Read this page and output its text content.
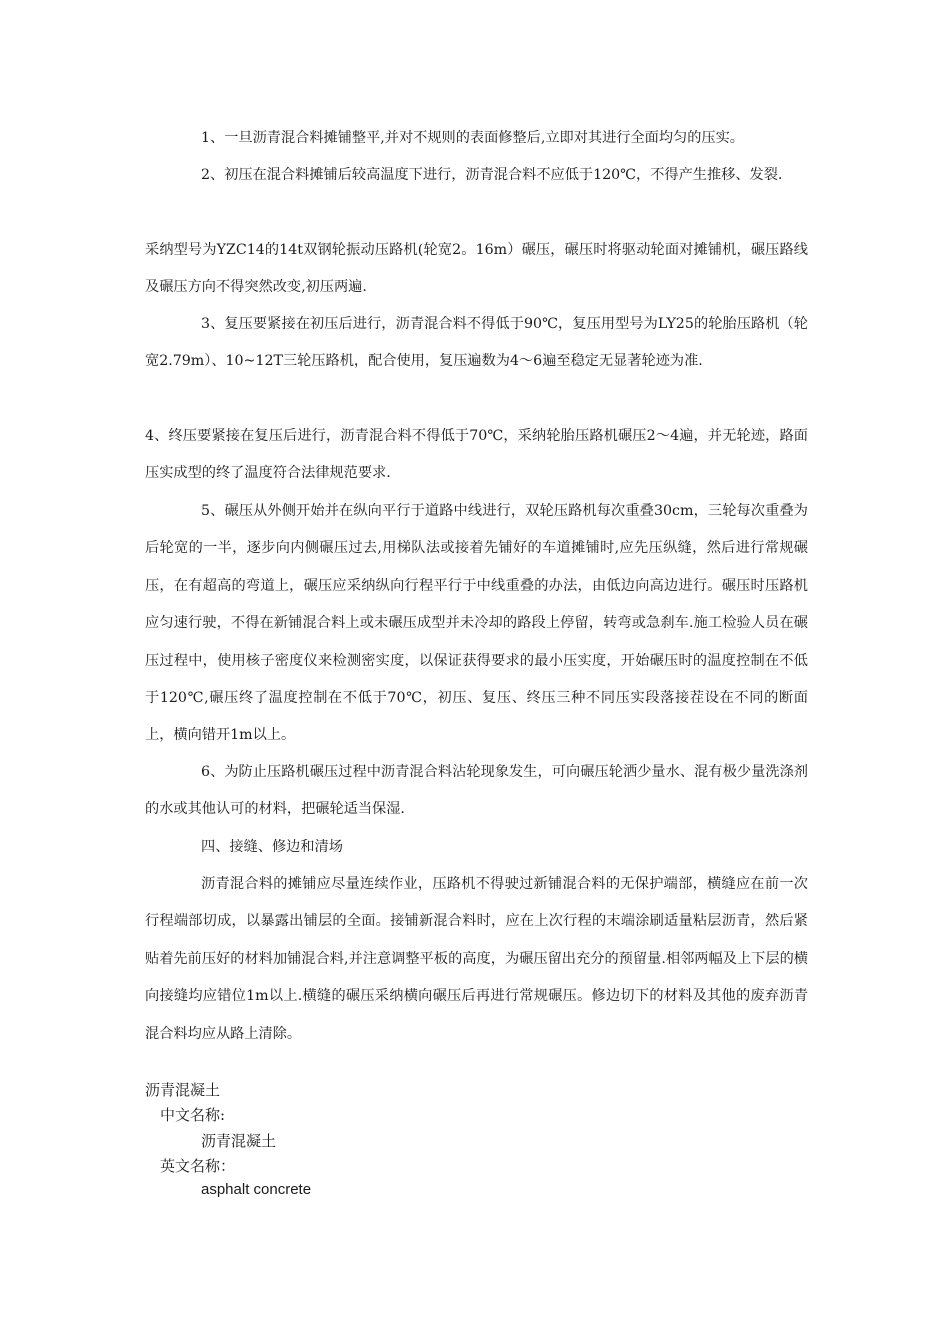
1、一旦沥青混合料摊铺整平,并对不规则的表面修整后,立即对其进行全面均匀的压实。

2、初压在混合料摊铺后较高温度下进行，沥青混合料不应低于120℃，不得产生推移、发裂.

采纳型号为YZC14的14t双钢轮振动压路机(轮宽2。16m）碾压，碾压时将驱动轮面对摊铺机，碾压路线及碾压方向不得突然改变,初压两遍.

3、复压要紧接在初压后进行，沥青混合料不得低于90℃，复压用型号为LY25的轮胎压路机（轮宽2.79m）、10~12T三轮压路机，配合使用，复压遍数为4～6遍至稳定无显著轮迹为准.

4、终压要紧接在复压后进行，沥青混合料不得低于70℃，采纳轮胎压路机碾压2～4遍，并无轮迹，路面压实成型的终了温度符合法律规范要求.

5、碾压从外侧开始并在纵向平行于道路中线进行，双轮压路机每次重叠30cm，三轮每次重叠为后轮宽的一半，逐步向内侧碾压过去,用梯队法或接着先铺好的车道摊铺时,应先压纵缝，然后进行常规碾压，在有超高的弯道上，碾压应采纳纵向行程平行于中线重叠的办法，由低边向高边进行。碾压时压路机应匀速行驶，不得在新铺混合料上或未碾压成型并未冷却的路段上停留，转弯或急刹车.施工检验人员在碾压过程中，使用核子密度仪来检测密实度，以保证获得要求的最小压实度，开始碾压时的温度控制在不低于120℃,碾压终了温度控制在不低于70℃，初压、复压、终压三种不同压实段落接茬设在不同的断面上，横向错开1m以上。

6、为防止压路机碾压过程中沥青混合料沾轮现象发生，可向碾压轮洒少量水、混有极少量洗涤剂的水或其他认可的材料，把碾轮适当保湿.

四、接缝、修边和清场

沥青混合料的摊铺应尽量连续作业，压路机不得驶过新铺混合料的无保护端部，横缝应在前一次行程端部切成，以暴露出铺层的全面。接铺新混合料时，应在上次行程的末端涂刷适量粘层沥青，然后紧贴着先前压好的材料加铺混合料,并注意调整平板的高度，为碾压留出充分的预留量.相邻两幅及上下层的横向接缝均应错位1m以上.横缝的碾压采纳横向碾压后再进行常规碾压。修边切下的材料及其他的废弃沥青混合料均应从路上清除。

沥青混凝土

中文名称:

沥青混凝土

英文名称：

asphalt concrete
